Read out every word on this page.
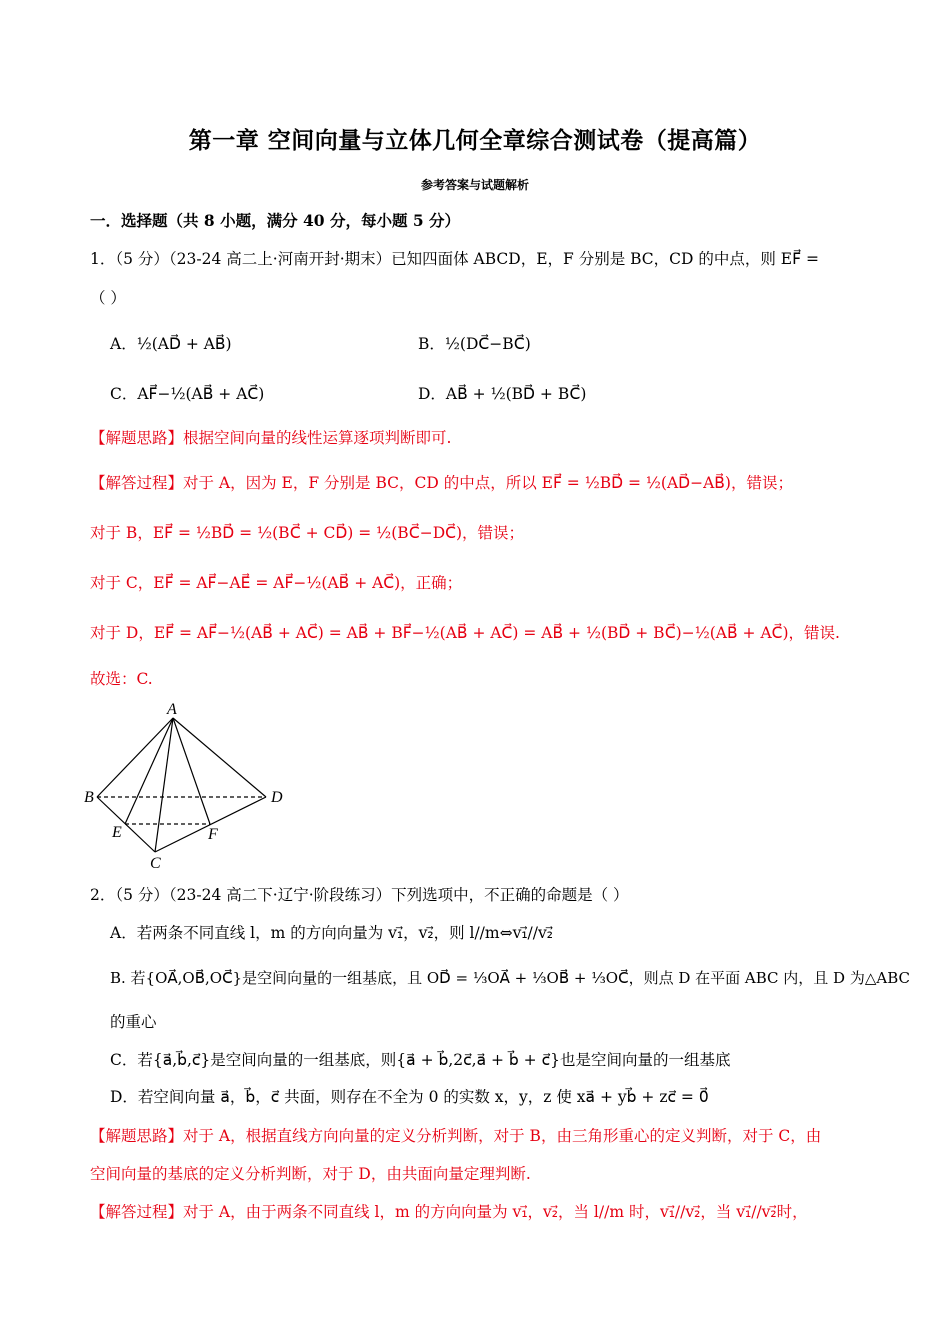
第一章 空间向量与立体几何全章综合测试卷（提高篇）
参考答案与试题解析
一．选择题（共 8 小题，满分 40 分，每小题 5 分）
1．（5 分）（23-24 高二上·河南开封·期末）已知四面体 ABCD，E，F 分别是 BC，CD 的中点，则 EF⃗ =
（ ）
A．½(AD⃗ + AB⃗)	B．½(DC⃗−BC⃗)
C．AF⃗−½(AB⃗ + AC⃗)	D．AB⃗ + ½(BD⃗ + BC⃗)
【解题思路】根据空间向量的线性运算逐项判断即可.
【解答过程】对于 A，因为 E，F 分别是 BC，CD 的中点，所以 EF⃗ = ½BD⃗ = ½(AD⃗−AB⃗)，错误；
对于 B，EF⃗ = ½BD⃗ = ½(BC⃗ + CD⃗) = ½(BC⃗−DC⃗)，错误；
对于 C，EF⃗ = AF⃗−AE⃗ = AF⃗−½(AB⃗ + AC⃗)，正确；
对于 D，EF⃗ = AF⃗−½(AB⃗ + AC⃗) = AB⃗ + BF⃗−½(AB⃗ + AC⃗) = AB⃗ + ½(BD⃗ + BC⃗)−½(AB⃗ + AC⃗)，错误.
故选：C.
A
B
C
D
E	F
2．（5 分）（23-24 高二下·辽宁·阶段练习）下列选项中，不正确的命题是（ ）
A．若两条不同直线 l，m 的方向向量为 v₁⃗，v₂⃗，则 l//m⇔v₁⃗//v₂⃗
B. 若{OA⃗,OB⃗,OC⃗}是空间向量的一组基底，且 OD⃗ = ⅓OA⃗ + ⅓OB⃗ + ⅓OC⃗，则点 D 在平面 ABC 内，且 D 为△ABC
的重心
C．若{a⃗,b⃗,c⃗}是空间向量的一组基底，则{a⃗ + b⃗,2c⃗,a⃗ + b⃗ + c⃗}也是空间向量的一组基底
D．若空间向量 a⃗，b⃗，c⃗ 共面，则存在不全为 0 的实数 x，y，z 使 xa⃗ + yb⃗ + zc⃗ = 0⃗
【解题思路】对于 A，根据直线方向向量的定义分析判断，对于 B，由三角形重心的定义判断，对于 C，由
空间向量的基底的定义分析判断，对于 D，由共面向量定理判断.
【解答过程】对于 A，由于两条不同直线 l，m 的方向向量为 v₁⃗，v₂⃗，当 l//m 时，v₁⃗//v₂⃗，当 v₁⃗//v₂⃗时，
